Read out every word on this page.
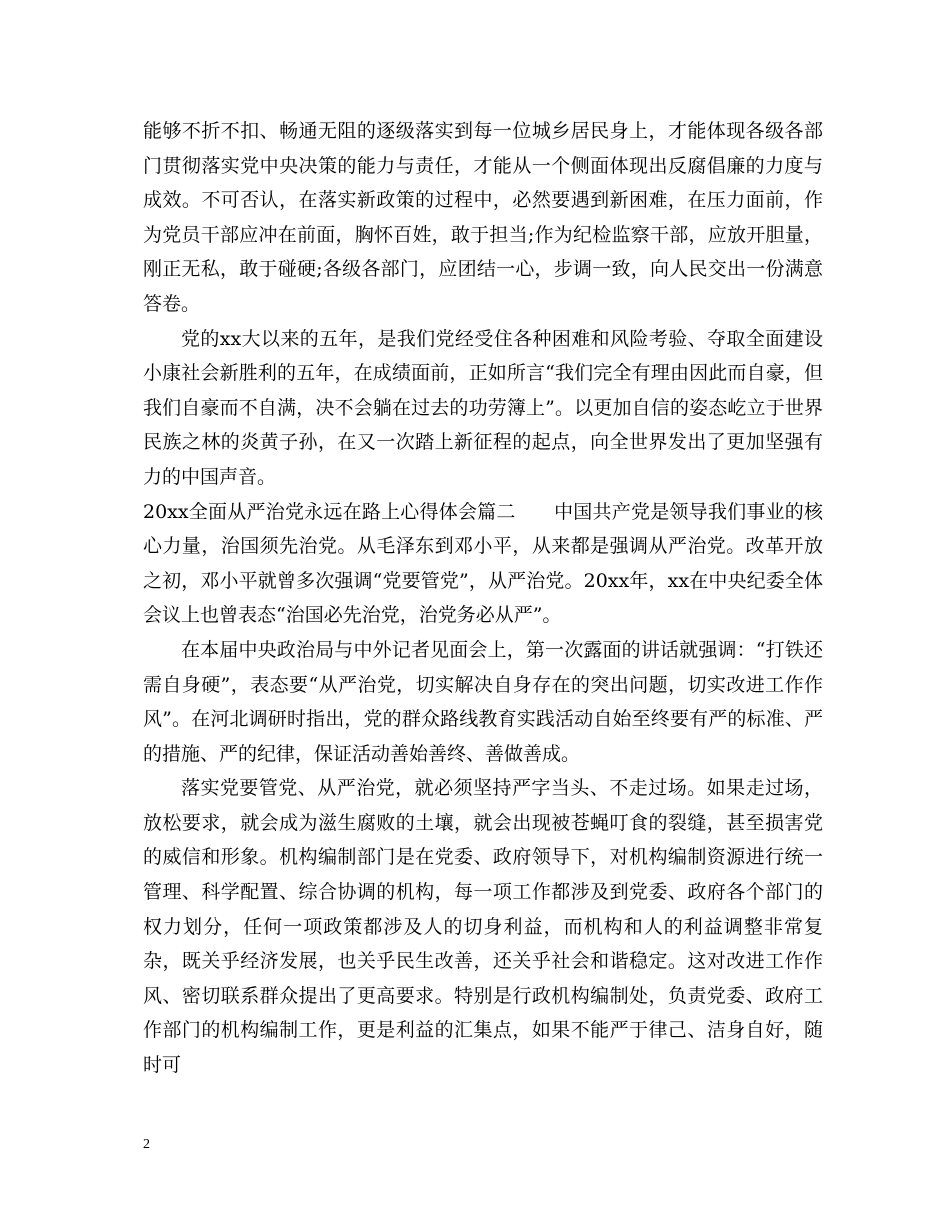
能够不折不扣、畅通无阻的逐级落实到每一位城乡居民身上，才能体现各级各部门贯彻落实党中央决策的能力与责任，才能从一个侧面体现出反腐倡廉的力度与成效。不可否认，在落实新政策的过程中，必然要遇到新困难，在压力面前，作为党员干部应冲在前面，胸怀百姓，敢于担当;作为纪检监察干部，应放开胆量，刚正无私，敢于碰硬;各级各部门，应团结一心，步调一致，向人民交出一份满意答卷。

党的xx大以来的五年，是我们党经受住各种困难和风险考验、夺取全面建设小康社会新胜利的五年，在成绩面前，正如所言“我们完全有理由因此而自豪，但我们自豪而不自满，决不会躺在过去的功劳簿上”。以更加自信的姿态屹立于世界民族之林的炎黄子孙，在又一次踏上新征程的起点，向全世界发出了更加坚强有力的中国声音。

20xx全面从严治党永远在路上心得体会篇二　　中国共产党是领导我们事业的核心力量，治国须先治党。从毛泽东到邓小平，从来都是强调从严治党。改革开放之初，邓小平就曾多次强调“党要管党”，从严治党。20xx年，xx在中央纪委全体会议上也曾表态“治国必先治党，治党务必从严”。

在本届中央政治局与中外记者见面会上，第一次露面的讲话就强调：“打铁还需自身硬”，表态要“从严治党，切实解决自身存在的突出问题，切实改进工作作风”。在河北调研时指出，党的群众路线教育实践活动自始至终要有严的标准、严的措施、严的纪律，保证活动善始善终、善做善成。

落实党要管党、从严治党，就必须坚持严字当头、不走过场。如果走过场，放松要求，就会成为滋生腐败的土壤，就会出现被苍蝇叮食的裂缝，甚至损害党的威信和形象。机构编制部门是在党委、政府领导下，对机构编制资源进行统一管理、科学配置、综合协调的机构，每一项工作都涉及到党委、政府各个部门的权力划分，任何一项政策都涉及人的切身利益，而机构和人的利益调整非常复杂，既关乎经济发展，也关乎民生改善，还关乎社会和谐稳定。这对改进工作作风、密切联系群众提出了更高要求。特别是行政机构编制处，负责党委、政府工作部门的机构编制工作，更是利益的汇集点，如果不能严于律己、洁身自好，随时可

2
